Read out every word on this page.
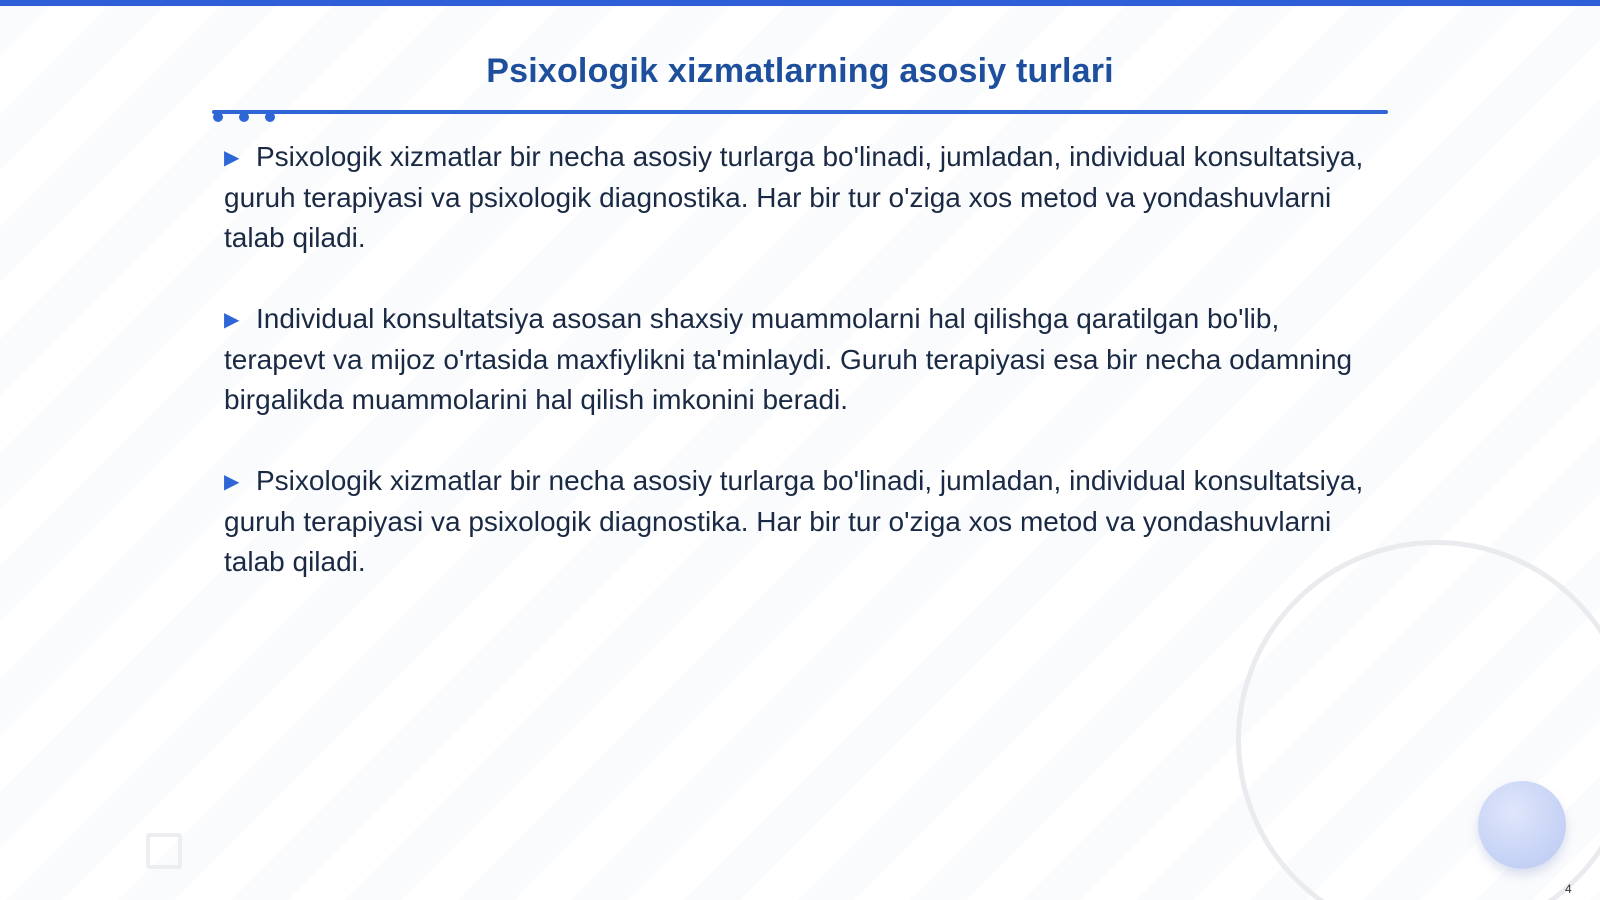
Psixologik xizmatlarning asosiy turlari

▶ Psixologik xizmatlar bir necha asosiy turlarga bo'linadi, jumladan, individual konsultatsiya, guruh terapiyasi va psixologik diagnostika. Har bir tur o'ziga xos metod va yondashuvlarni talab qiladi.

▶ Individual konsultatsiya asosan shaxsiy muammolarni hal qilishga qaratilgan bo'lib, terapevt va mijoz o'rtasida maxfiylikni ta'minlaydi. Guruh terapiyasi esa bir necha odamning birgalikda muammolarini hal qilish imkonini beradi.

▶ Psixologik xizmatlar bir necha asosiy turlarga bo'linadi, jumladan, individual konsultatsiya, guruh terapiyasi va psixologik diagnostika. Har bir tur o'ziga xos metod va yondashuvlarni talab qiladi.

4
